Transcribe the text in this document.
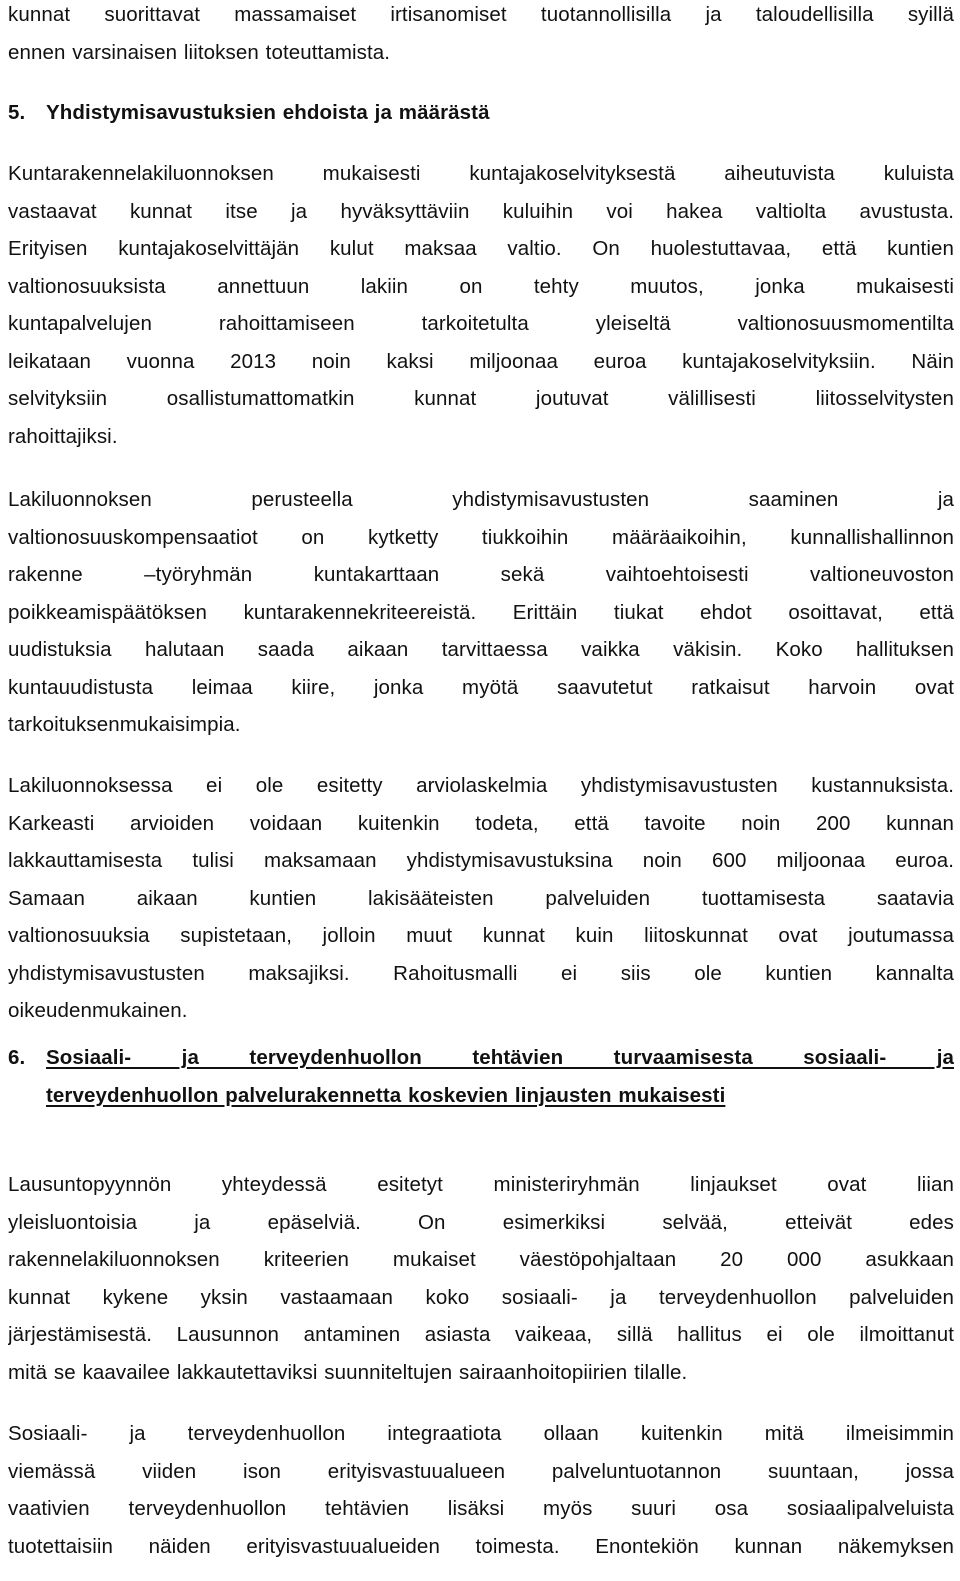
kunnat suorittavat massamaiset irtisanomiset tuotannollisilla ja taloudellisilla syillä
ennen varsinaisen liitoksen toteuttamista.
5. Yhdistymisavustuksien ehdoista ja määrästä
Kuntarakennelakiluonnoksen mukaisesti kuntajakoselvityksestä aiheutuvista kuluista
vastaavat kunnat itse ja hyväksyttäviin kuluihin voi hakea valtiolta avustusta.
Erityisen kuntajakoselvittäjän kulut maksaa valtio. On huolestuttavaa, että kuntien
valtionosuuksista annettuun lakiin on tehty muutos, jonka mukaisesti
kuntapalvelujen rahoittamiseen tarkoitetulta yleiseltä valtionosuusmomentilta
leikataan vuonna 2013 noin kaksi miljoonaa euroa kuntajakoselvityksiin. Näin
selvityksiin osallistumattomatkin kunnat joutuvat välillisesti liitosselvitysten
rahoittajiksi.
Lakiluonnoksen perusteella yhdistymisavustusten saaminen ja
valtionosuuskompensaatiot on kytketty tiukkoihin määräaikoihin, kunnallishallinnon
rakenne –työryhmän kuntakarttaan sekä vaihtoehtoisesti valtioneuvoston
poikkeamispäätöksen kuntarakennekriteereistä. Erittäin tiukat ehdot osoittavat, että
uudistuksia halutaan saada aikaan tarvittaessa vaikka väkisin. Koko hallituksen
kuntauudistusta leimaa kiire, jonka myötä saavutetut ratkaisut harvoin ovat
tarkoituksenmukaisimpia.
Lakiluonnoksessa ei ole esitetty arviolaskelmia yhdistymisavustusten kustannuksista.
Karkeasti arvioiden voidaan kuitenkin todeta, että tavoite noin 200 kunnan
lakkauttamisesta tulisi maksamaan yhdistymisavustuksina noin 600 miljoonaa euroa.
Samaan aikaan kuntien lakisääteisten palveluiden tuottamisesta saatavia
valtionosuuksia supistetaan, jolloin muut kunnat kuin liitoskunnat ovat joutumassa
yhdistymisavustusten maksajiksi. Rahoitusmalli ei siis ole kuntien kannalta
oikeudenmukainen.
6. Sosiaali- ja terveydenhuollon tehtävien turvaamisesta sosiaali- ja
terveydenhuollon palvelurakennetta koskevien linjausten mukaisesti
Lausuntopyynnön yhteydessä esitetyt ministeriryhmän linjaukset ovat liian
yleisluontoisia ja epäselviä. On esimerkiksi selvää, etteivät edes
rakennelakiluonnoksen kriteerien mukaiset väestöpohjaltaan 20 000 asukkaan
kunnat kykene yksin vastaamaan koko sosiaali- ja terveydenhuollon palveluiden
järjestämisestä. Lausunnon antaminen asiasta vaikeaa, sillä hallitus ei ole ilmoittanut
mitä se kaavailee lakkautettaviksi suunniteltujen sairaanhoitopiirien tilalle.
Sosiaali- ja terveydenhuollon integraatiota ollaan kuitenkin mitä ilmeisimmin
viemässä viiden ison erityisvastuualueen palveluntuotannon suuntaan, jossa
vaativien terveydenhuollon tehtävien lisäksi myös suuri osa sosiaalipalveluista
tuotettaisiin näiden erityisvastuualueiden toimesta. Enontekiön kunnan näkemyksen
